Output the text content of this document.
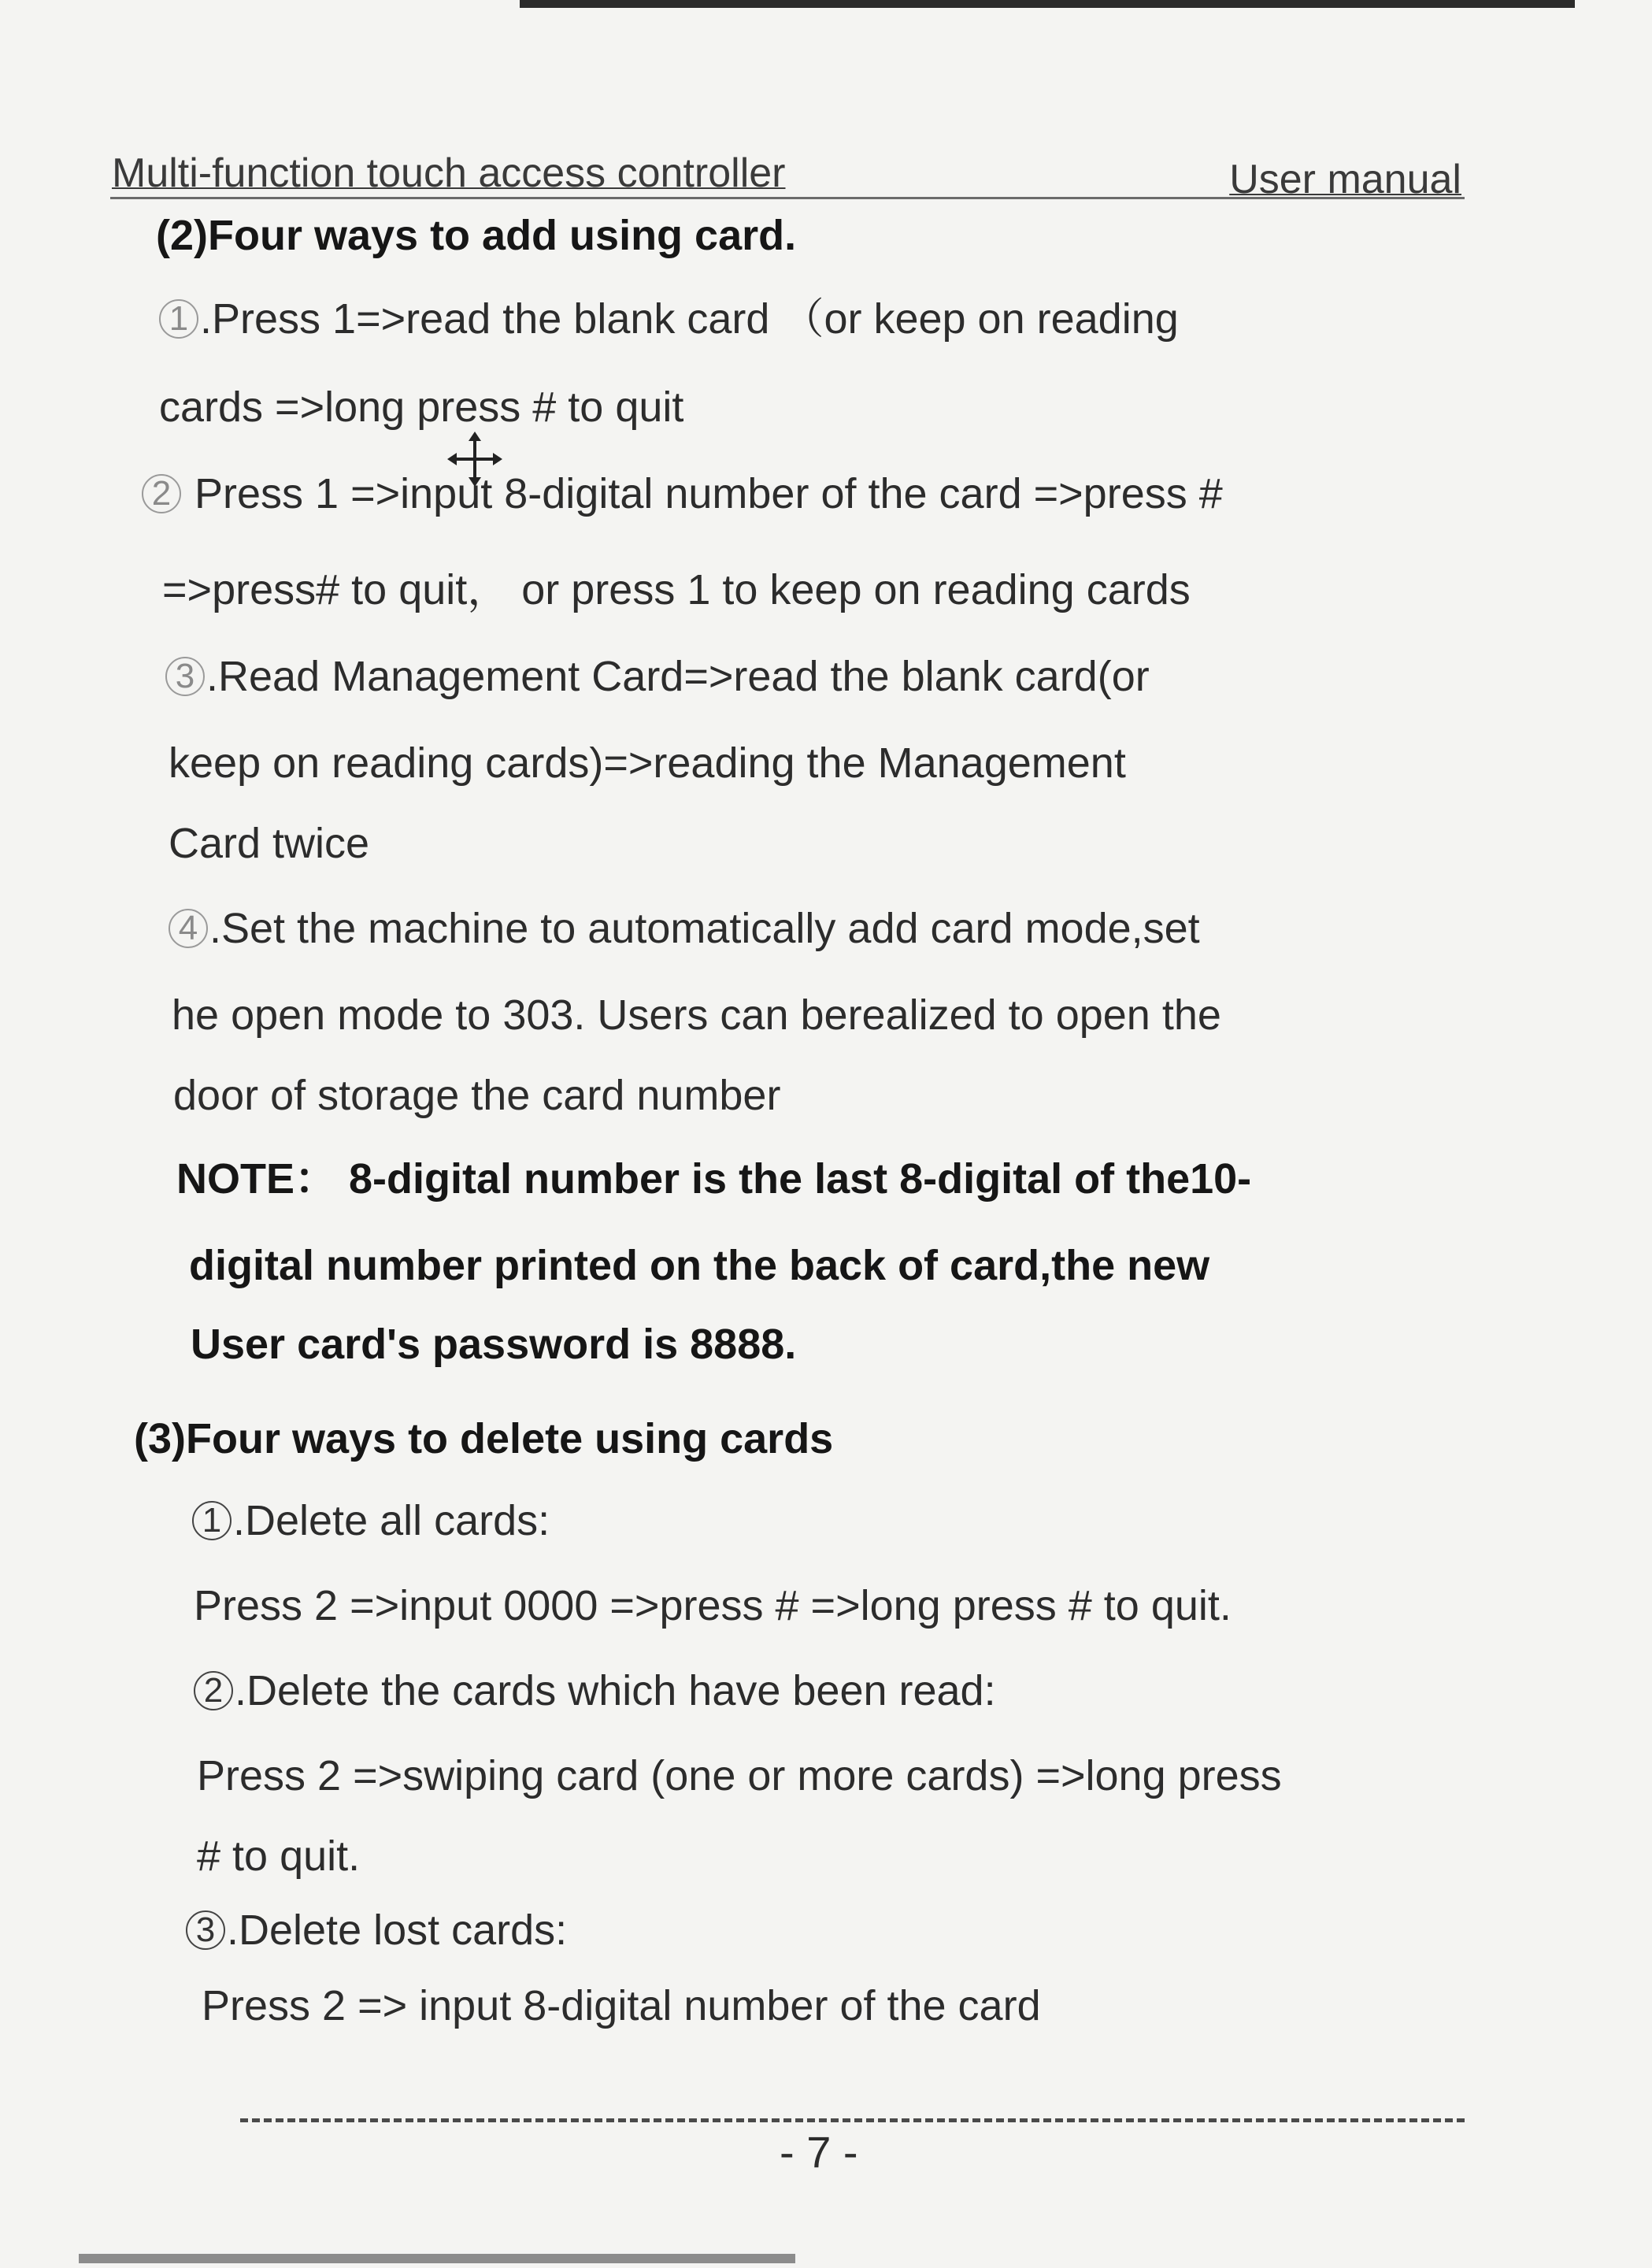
Multi-function touch access controller	User manual
(2)Four ways to add using card.
1 .Press 1=>read the blank card （or keep on reading
cards =>long press # to quit
2 Press 1 =>input 8-digital number of the card =>press #
=>press# to quit， or press 1 to keep on reading cards
3 .Read Management Card=>read the blank card(or
keep on reading cards)=>reading the Management
Card twice
4 .Set the machine to automatically add card mode,set
he open mode to 303. Users can berealized to open the
door of storage the card number
NOTE： 8-digital number is the last 8-digital of the10-
digital number printed on the back of card,the new
User card's password is 8888.
(3)Four ways to delete using cards
1 .Delete all cards:
Press 2 =>input 0000 =>press # =>long press # to quit.
2 .Delete the cards which have been read:
Press 2 =>swiping card (one or more cards) =>long press
# to quit.
3 .Delete lost cards:
Press 2 => input 8-digital number of the card
- 7 -
